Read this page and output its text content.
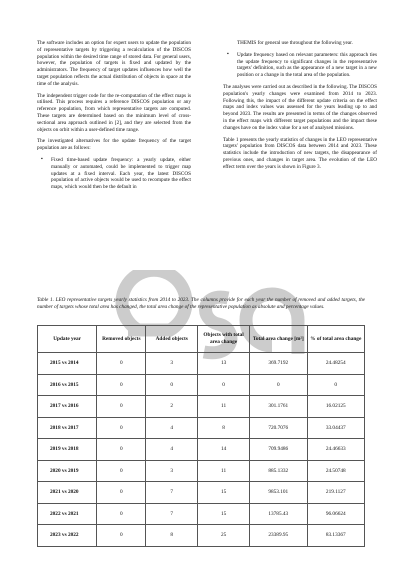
The software includes an option for expert users to update the population of representative targets by triggering a recalculation of the DISCOS population within the desired time range of stored data. For general users, however, the population of targets is fixed and updated by the administrators. The frequency of target updates influences how well the target population reflects the actual distribution of objects in space at the time of the analysis.

The independent trigger code for the re-computation of the effect maps is utilised. This process requires a reference DISCOS population or any reference population, from which representative targets are computed. These targets are determined based on the minimum level of cross-sectional area approach outlined in [2], and they are selected from the objects on orbit within a user-defined time range.

The investigated alternatives for the update frequency of the target population are as follows:

▪ Fixed time-based update frequency: a yearly update, either manually or automated, could be implemented to trigger map updates at a fixed interval. Each year, the latest DISCOS population of active objects would be used to recompute the effect maps, which would then be the default in

THEMIS for general use throughout the following year.

▪ Update frequency based on relevant parameters: this approach ties the update frequency to significant changes in the representative targets' definition, such as the appearance of a new target in a new position or a change in the total area of the population.

The analyses were carried out as described in the following. The DISCOS population's yearly changes were examined from 2014 to 2023. Following this, the impact of the different update criteria on the effect maps and index values was assessed for the years leading up to and beyond 2023. The results are presented in terms of the changes observed in the effect maps with different target populations and the impact these changes have on the index value for a set of analysed missions.

Table 1 presents the yearly statistics of changes in the LEO representative targets' population from DISCOS data between 2014 and 2023. These statistics include the introduction of new targets, the disappearance of previous ones, and changes in target area. The evolution of the LEO effect term over the years is shown in Figure 3.

Table 1. LEO representative targets yearly statistics from 2014 to 2023. The columns provide for each year the number of removed and added targets, the number of targets whose total area has changed, the total area change of the representative population as absolute and percentage values.
Update year	Removed objects	Added objects	Objects with total area change	Total area change [m²]	% of total area change
2015 vs 2014	0	3	13	369.7192	24.48254
2016 vs 2015	0	0	0	0	0
2017 vs 2016	0	2	11	301.1761	16.02125
2018 vs 2017	0	4	8	720.7076	33.04437
2019 vs 2018	0	4	14	709.9486	24.46633
2020 vs 2019	0	3	11	885.1332	24.50748
2021 vs 2020	0	7	15	9853.101	219.1127
2022 vs 2021	0	7	15	13785.43	96.06624
2023 vs 2022	0	8	25	23389.95	83.13367
